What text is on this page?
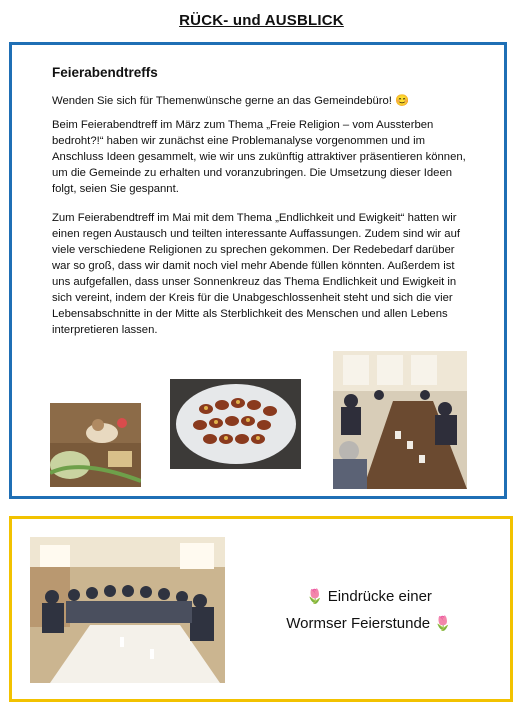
RÜCK- und AUSBLICK
Feierabendtreffs
Wenden Sie sich für Themenwünsche gerne an das Gemeindebüro! 😊
Beim Feierabendtreff im März zum Thema „Freie Religion – vom Aussterben bedroht?!“ haben wir zunächst eine Problemanalyse vorgenommen und im Anschluss Ideen gesammelt, wie wir uns zukünftig attraktiver präsentieren können, um die Gemeinde zu erhalten und voranzubringen. Die Umsetzung dieser Ideen folgt, seien Sie gespannt.
Zum Feierabendtreff im Mai mit dem Thema „Endlichkeit und Ewigkeit“ hatten wir einen regen Austausch und teilten interessante Auffassungen. Zudem sind wir auf viele verschiedene Religionen zu sprechen gekommen. Der Redebedarf darüber war so groß, dass wir damit noch viel mehr Abende füllen könnten. Außerdem ist uns aufgefallen, dass unser Sonnenkreuz das Thema Endlichkeit und Ewigkeit in sich vereint, indem der Kreis für die Unabgeschlossenheit steht und sich die vier Lebensabschnitte in der Mitte als Sterblichkeit des Menschen und allen Lebens interpretieren lassen.
🌷 Eindrücke einer
Wormser Feierstunde 🌷
